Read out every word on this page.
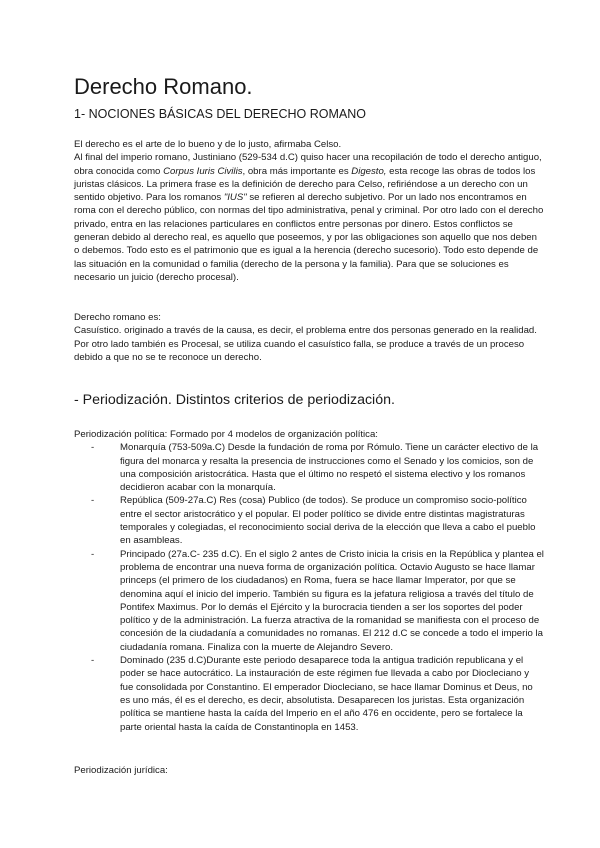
Derecho Romano.
1- NOCIONES BÁSICAS DEL DERECHO ROMANO

El derecho es el arte de lo bueno y de lo justo, afirmaba Celso.

Al final del imperio romano, Justiniano (529-534 d.C) quiso hacer una recopilación de todo el derecho antiguo, obra conocida como Corpus Iuris Civilis, obra más importante es Digesto, esta recoge las obras de todos los juristas clásicos. La primera frase es la definición de derecho para Celso, refiriéndose a un derecho con un sentido objetivo. Para los romanos "IUS" se refieren al derecho subjetivo. Por un lado nos encontramos en roma con el derecho público, con normas del tipo administrativa, penal y criminal. Por otro lado con el derecho privado, entra en las relaciones particulares en conflictos entre personas por dinero. Estos conflictos se generan debido al derecho real, es aquello que poseemos, y por las obligaciones son aquello que nos deben o debemos. Todo esto es el patrimonio que es igual a la herencia (derecho sucesorio). Todo esto depende de las situación en la comunidad o familia (derecho de la persona y la familia). Para que se soluciones es necesario un juicio (derecho procesal).

Derecho romano es:

Casuístico. originado a través de la causa, es decir, el problema entre dos personas generado en la realidad. Por otro lado también es Procesal, se utiliza cuando el casuístico falla, se produce a través de un proceso debido a que no se te reconoce un derecho.

- Periodización. Distintos criterios de periodización.

Periodización política: Formado por 4 modelos de organización política:

-	Monarquía (753-509a.C) Desde la fundación de roma por Rómulo. Tiene un carácter electivo de la figura del monarca y resalta la presencia de instrucciones como el Senado y los comicios, son de una composición aristocrática. Hasta que el último no respetó el sistema electivo y los romanos decidieron acabar con la monarquía.
-	República (509-27a.C) Res (cosa) Publico (de todos). Se produce un compromiso socio-político entre el sector aristocrático y el popular. El poder político se divide entre distintas magistraturas temporales y colegiadas, el reconocimiento social deriva de la elección que lleva a cabo el pueblo en asambleas.
-	Principado (27a.C- 235 d.C). En el siglo 2 antes de Cristo inicia la crisis en la República y plantea el problema de encontrar una nueva forma de organización política. Octavio Augusto se hace llamar princeps (el primero de los ciudadanos) en Roma, fuera se hace llamar Imperator, por que se denomina aquí el inicio del imperio. También su figura es la jefatura religiosa a través del título de Pontifex Maximus. Por lo demás el Ejército y la burocracia tienden a ser los soportes del poder político y de la administración. La fuerza atractiva de la romanidad se manifiesta con el proceso de concesión de la ciudadanía a comunidades no romanas. El 212 d.C se concede a todo el imperio la ciudadanía romana. Finaliza con la muerte de Alejandro Severo.
-	Dominado (235 d.C)Durante este periodo desaparece toda la antigua tradición republicana y el poder se hace autocrático. La instauración de este régimen fue llevada a cabo por Diocleciano y fue consolidada por Constantino. El emperador Diocleciano, se hace llamar Dominus et Deus, no es uno más, él es el derecho, es decir, absolutista. Desaparecen los juristas. Esta organización política se mantiene hasta la caída del Imperio en el año 476 en occidente, pero se fortalece la parte oriental hasta la caída de Constantinopla en 1453.

Periodización jurídica:
